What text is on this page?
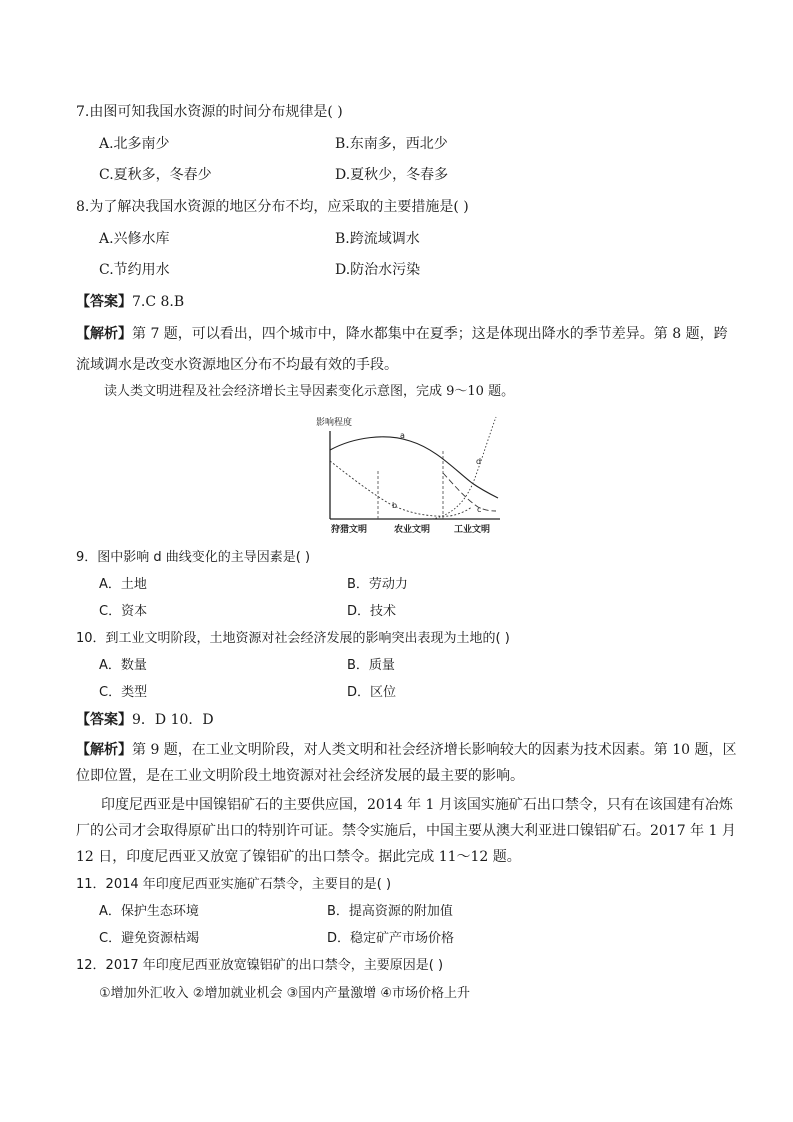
7.由图可知我国水资源的时间分布规律是( )
A.北多南少	B.东南多，西北少
C.夏秋多，冬春少	D.夏秋少，冬春多
8.为了解决我国水资源的地区分布不均，应采取的主要措施是( )
A.兴修水库	B.跨流域调水
C.节约用水	D.防治水污染
【答案】7.C 8.B
【解析】第 7 题，可以看出，四个城市中，降水都集中在夏季；这是体现出降水的季节差异。第 8 题，跨
流域调水是改变水资源地区分布不均最有效的手段。
读人类文明进程及社会经济增长主导因素变化示意图，完成 9～10 题。
影响程度
a
b	c
d
狩猎文明	农业文明	工业文明
9．图中影响 d 曲线变化的主导因素是( )
A．土地	B．劳动力
C．资本	D．技术
10．到工业文明阶段，土地资源对社会经济发展的影响突出表现为土地的( )
A．数量	B．质量
C．类型	D．区位
【答案】9．D 10．D
【解析】第 9 题，在工业文明阶段，对人类文明和社会经济增长影响较大的因素为技术因素。第 10 题，区
位即位置，是在工业文明阶段土地资源对社会经济发展的最主要的影响。
印度尼西亚是中国镍铝矿石的主要供应国，2014 年 1 月该国实施矿石出口禁令，只有在该国建有冶炼
厂的公司才会取得原矿出口的特别许可证。禁令实施后，中国主要从澳大利亚进口镍铝矿石。2017 年 1 月
12 日，印度尼西亚又放宽了镍铝矿的出口禁令。据此完成 11～12 题。
11．2014 年印度尼西亚实施矿石禁令，主要目的是( )
A．保护生态环境	B．提高资源的附加值
C．避免资源枯竭	D．稳定矿产市场价格
12．2017 年印度尼西亚放宽镍铝矿的出口禁令，主要原因是( )
①增加外汇收入 ②增加就业机会 ③国内产量激增 ④市场价格上升
